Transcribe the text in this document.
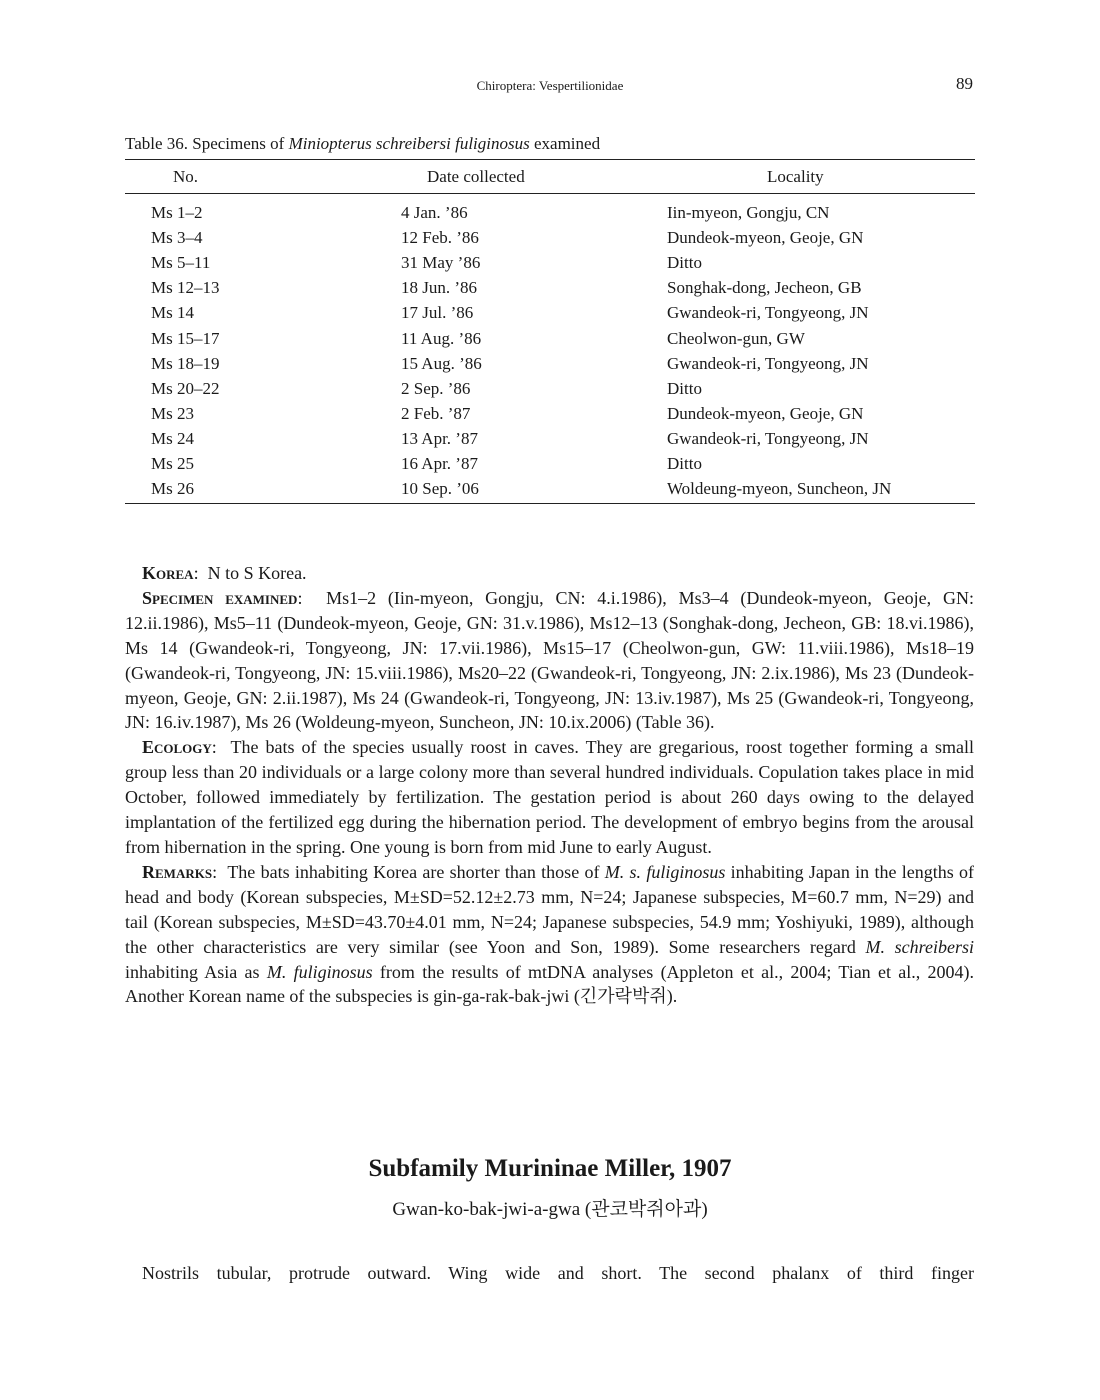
Chiroptera: Vespertilionidae	89
Table 36. Specimens of Miniopterus schreibersi fuliginosus examined
No.	Date collected	Locality
Ms 1–2	4 Jan. ’86	Iin-myeon, Gongju, CN
Ms 3–4	12 Feb. ’86	Dundeok-myeon, Geoje, GN
Ms 5–11	31 May ’86	Ditto
Ms 12–13	18 Jun. ’86	Songhak-dong, Jecheon, GB
Ms 14	17 Jul. ’86	Gwandeok-ri, Tongyeong, JN
Ms 15–17	11 Aug. ’86	Cheolwon-gun, GW
Ms 18–19	15 Aug. ’86	Gwandeok-ri, Tongyeong, JN
Ms 20–22	2 Sep. ’86	Ditto
Ms 23	2 Feb. ’87	Dundeok-myeon, Geoje, GN
Ms 24	13 Apr. ’87	Gwandeok-ri, Tongyeong, JN
Ms 25	16 Apr. ’87	Ditto
Ms 26	10 Sep. ’06	Woldeung-myeon, Suncheon, JN

Korea:  N to S Korea.

Specimen examined:  Ms1–2 (Iin-myeon, Gongju, CN: 4.i.1986), Ms3–4 (Dundeok-myeon, Geoje, GN: 12.ii.1986), Ms5–11 (Dundeok-myeon, Geoje, GN: 31.v.1986), Ms12–13 (Songhak-dong, Jecheon, GB: 18.vi.1986), Ms 14 (Gwandeok-ri, Tongyeong, JN: 17.vii.1986), Ms15–17 (Cheolwon-gun, GW: 11.viii.1986), Ms18–19 (Gwandeok-ri, Tongyeong, JN: 15.viii.1986), Ms20–22 (Gwandeok-ri, Tongyeong, JN: 2.ix.1986), Ms 23 (Dundeok-myeon, Geoje, GN: 2.ii.1987), Ms 24 (Gwandeok-ri, Tongyeong, JN: 13.iv.1987), Ms 25 (Gwandeok-ri, Tongyeong, JN: 16.iv.1987), Ms 26 (Woldeung-myeon, Suncheon, JN: 10.ix.2006) (Table 36).

Ecology:  The bats of the species usually roost in caves. They are gregarious, roost together forming a small group less than 20 individuals or a large colony more than several hundred individuals. Copulation takes place in mid October, followed immediately by fertilization. The gestation period is about 260 days owing to the delayed implantation of the fertilized egg during the hibernation period. The development of embryo begins from the arousal from hibernation in the spring. One young is born from mid June to early August.

Remarks:  The bats inhabiting Korea are shorter than those of M. s. fuliginosus inhabiting Japan in the lengths of head and body (Korean subspecies, M±SD=52.12±2.73 mm, N=24; Japanese subspecies, M=60.7 mm, N=29) and tail (Korean subspecies, M±SD=43.70±4.01 mm, N=24; Japanese subspecies, 54.9 mm; Yoshiyuki, 1989), although the other characteristics are very similar (see Yoon and Son, 1989). Some researchers regard M. schreibersi inhabiting Asia as M. fuliginosus from the results of mtDNA analyses (Appleton et al., 2004; Tian et al., 2004). Another Korean name of the subspecies is gin-ga-rak-bak-jwi (긴가락박쥐).

Subfamily Murininae Miller, 1907
Gwan-ko-bak-jwi-a-gwa (관코박쥐아과)
Nostrils tubular, protrude outward. Wing wide and short. The second phalanx of third finger
